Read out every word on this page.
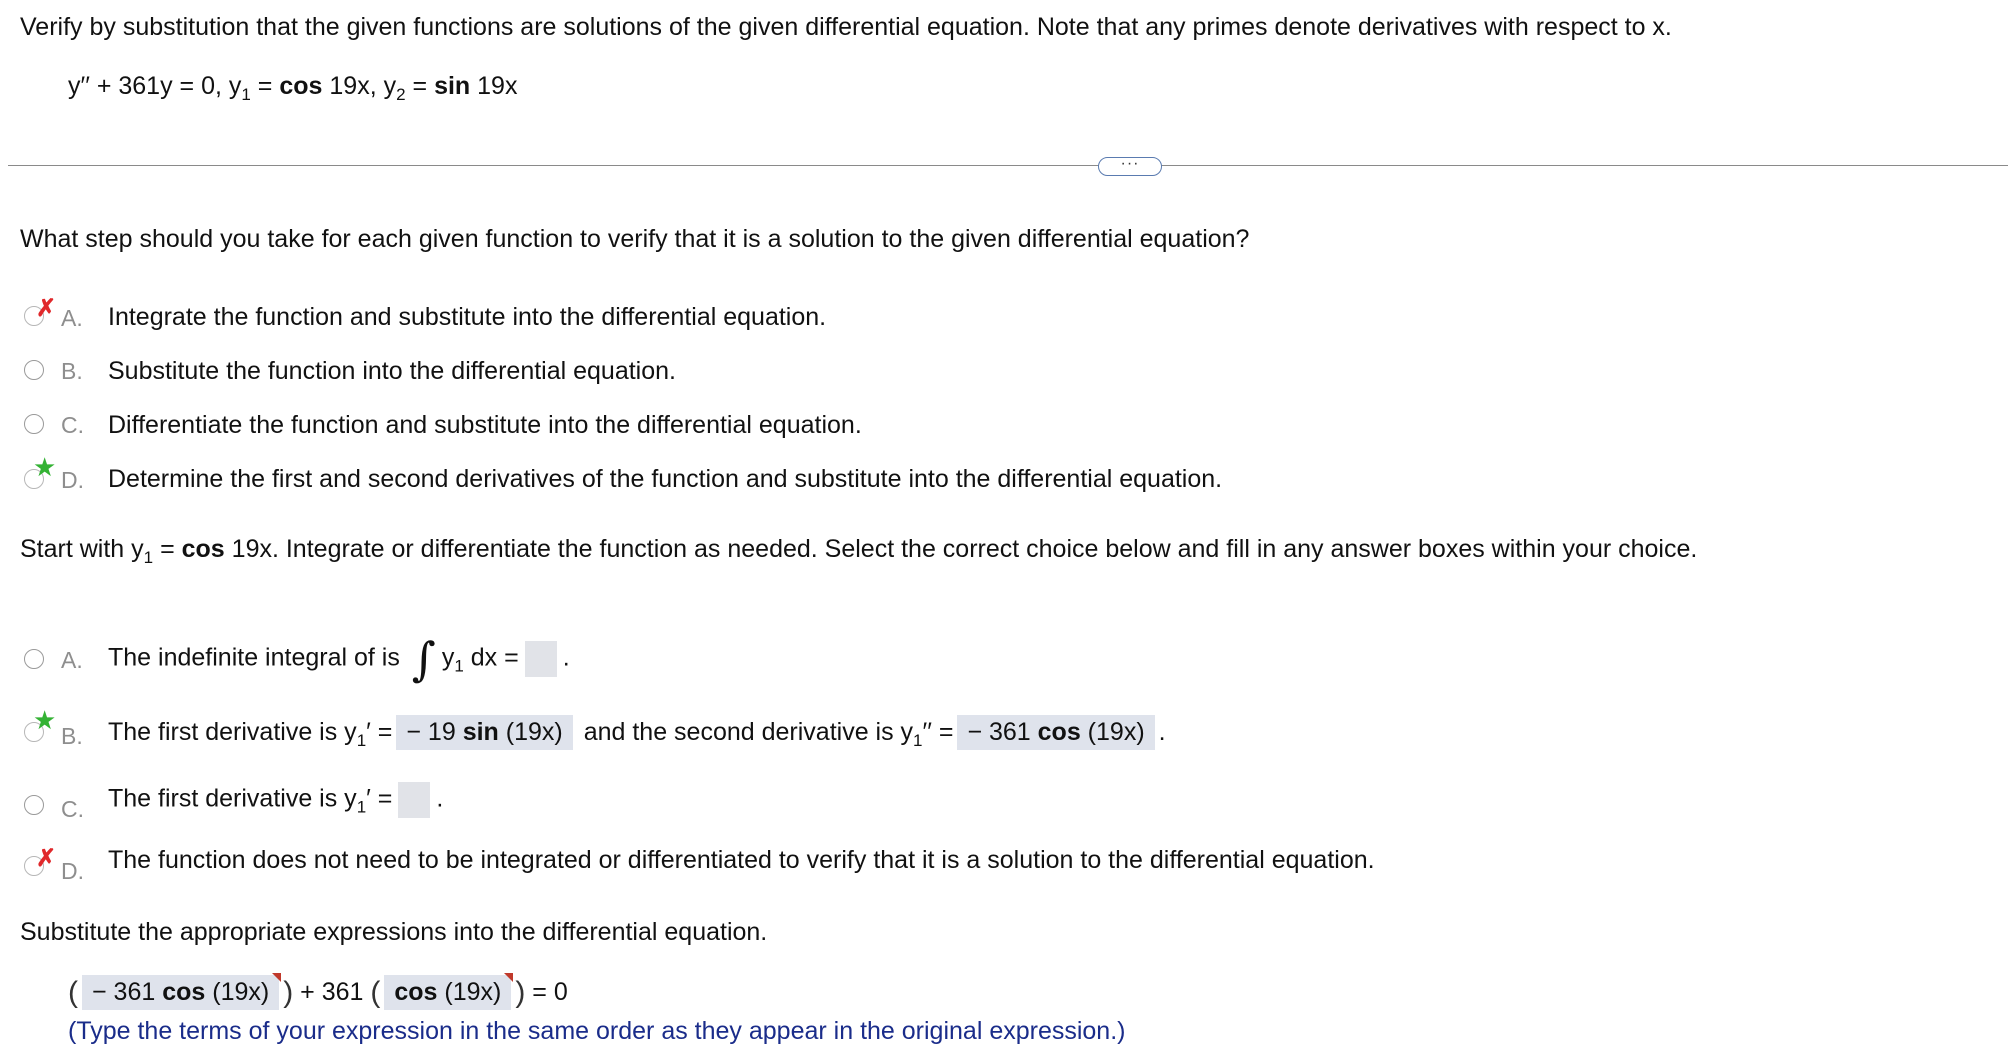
Verify by substitution that the given functions are solutions of the given differential equation. Note that any primes denote derivatives with respect to x.
y′′ + 361y = 0, $y_1 = \cos 19x$, $y_2 = \sin 19x$
···
What step should you take for each given function to verify that it is a solution to the given differential equation?
✗ A. Integrate the function and substitute into the differential equation.
B. Substitute the function into the differential equation.
C. Differentiate the function and substitute into the differential equation.
★ D. Determine the first and second derivatives of the function and substitute into the differential equation.
Start with $y_1 = \cos 19x$. Integrate or differentiate the function as needed. Select the correct choice below and fill in any answer boxes within your choice.
A. The indefinite integral of is ∫ $y_1$ dx = .
★
B. The first derivative is $y_1'$ = − 19 sin (19x) and the second derivative is $y_1''$ = − 361 cos (19x) .
C. The first derivative is $y_1'$ = .
✗ D. The function does not need to be integrated or differentiated to verify that it is a solution to the differential equation.
Substitute the appropriate expressions into the differential equation.
( − 361 cos (19x) ) + 361 ( cos (19x) ) = 0
(Type the terms of your expression in the same order as they appear in the original expression.)
